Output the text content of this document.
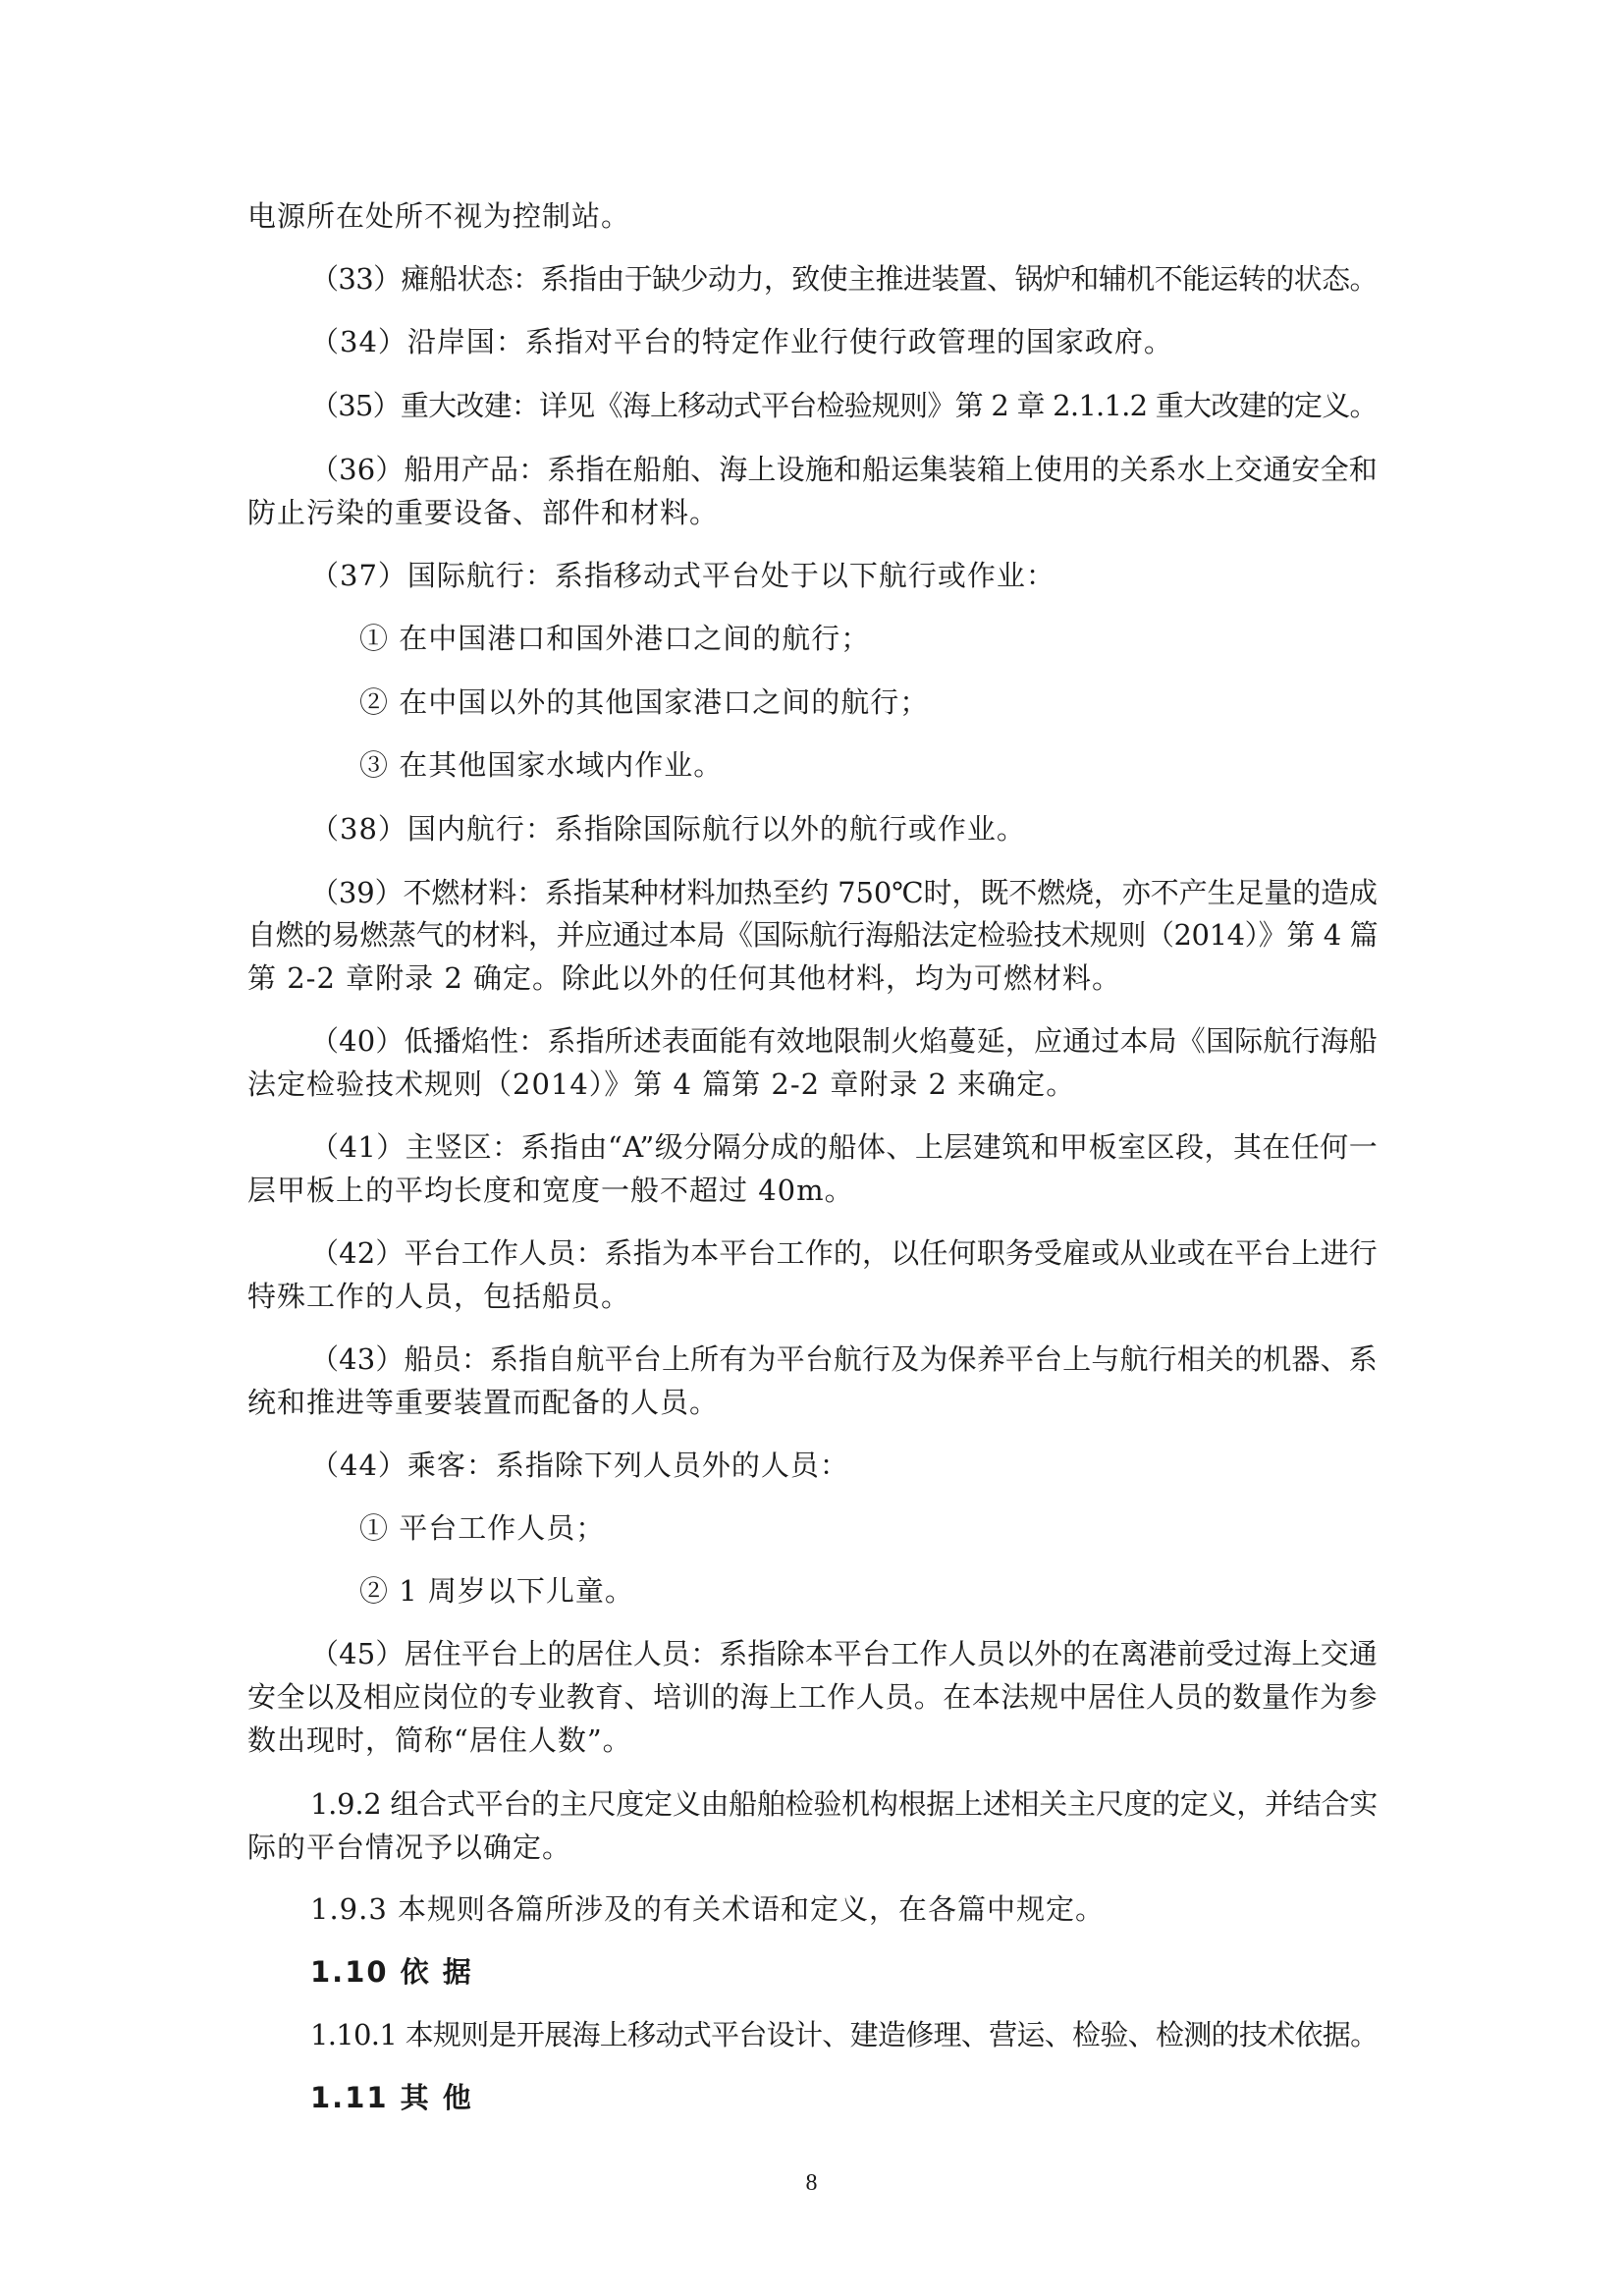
电源所在处所不视为控制站。
（33）瘫船状态：系指由于缺少动力，致使主推进装置、锅炉和辅机不能运转的状态。
（34）沿岸国：系指对平台的特定作业行使行政管理的国家政府。
（35）重大改建：详见《海上移动式平台检验规则》第 2 章 2.1.1.2 重大改建的定义。
（36）船用产品：系指在船舶、海上设施和船运集装箱上使用的关系水上交通安全和
防止污染的重要设备、部件和材料。
（37）国际航行：系指移动式平台处于以下航行或作业：
① 在中国港口和国外港口之间的航行；
② 在中国以外的其他国家港口之间的航行；
③ 在其他国家水域内作业。
（38）国内航行：系指除国际航行以外的航行或作业。
（39）不燃材料：系指某种材料加热至约 750℃时，既不燃烧，亦不产生足量的造成
自燃的易燃蒸气的材料，并应通过本局《国际航行海船法定检验技术规则（2014）》第 4 篇
第 2-2 章附录 2 确定。除此以外的任何其他材料，均为可燃材料。
（40）低播焰性：系指所述表面能有效地限制火焰蔓延，应通过本局《国际航行海船
法定检验技术规则（2014）》第 4 篇第 2-2 章附录 2 来确定。
（41）主竖区：系指由“A”级分隔分成的船体、上层建筑和甲板室区段，其在任何一
层甲板上的平均长度和宽度一般不超过 40m。
（42）平台工作人员：系指为本平台工作的，以任何职务受雇或从业或在平台上进行
特殊工作的人员，包括船员。
（43）船员：系指自航平台上所有为平台航行及为保养平台上与航行相关的机器、系
统和推进等重要装置而配备的人员。
（44）乘客：系指除下列人员外的人员：
① 平台工作人员；
② 1 周岁以下儿童。
（45）居住平台上的居住人员：系指除本平台工作人员以外的在离港前受过海上交通
安全以及相应岗位的专业教育、培训的海上工作人员。在本法规中居住人员的数量作为参
数出现时，简称“居住人数”。
1.9.2 组合式平台的主尺度定义由船舶检验机构根据上述相关主尺度的定义，并结合实
际的平台情况予以确定。
1.9.3 本规则各篇所涉及的有关术语和定义，在各篇中规定。
1.10 依 据
1.10.1 本规则是开展海上移动式平台设计、建造修理、营运、检验、检测的技术依据。
1.11 其 他
8
